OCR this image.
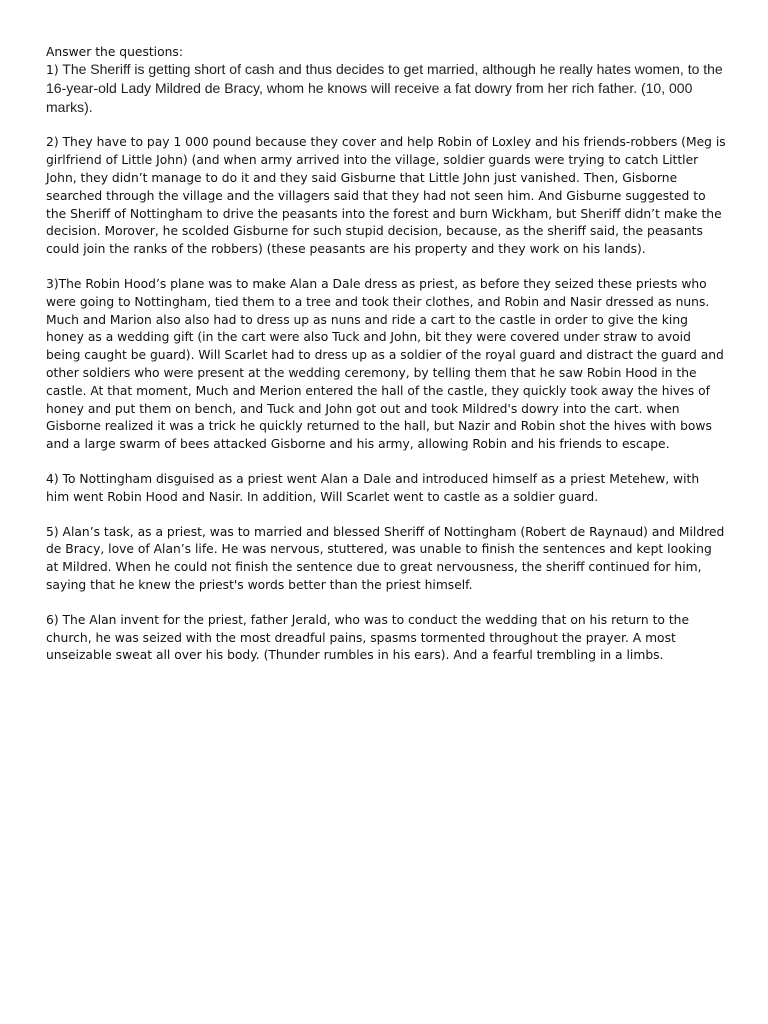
Answer the questions:

1) The Sheriff is getting short of cash and thus decides to get married, although he really hates women, to the 16-year-old Lady Mildred de Bracy, whom he knows will receive a fat dowry from her rich father. (10, 000 marks).

2) They have to pay 1 000 pound because they cover and help Robin of Loxley and his friends-robbers (Meg is girlfriend of Little John) (and when army arrived into the village, soldier guards were trying to catch Littler John, they didn’t manage to do it and they said Gisburne that Little John just vanished. Then, Gisborne searched through the village and the villagers said that they had not seen him. And Gisburne suggested to the Sheriff of Nottingham to drive the peasants into the forest and burn Wickham, but Sheriff didn’t make the decision. Morover, he scolded Gisburne for such stupid decision, because, as the sheriff said, the peasants could join the ranks of the robbers) (these peasants are his property and they work on his lands).

3)The Robin Hood’s plane was to make Alan a Dale dress as priest, as before they seized these priests who were going to Nottingham, tied them to a tree and took their clothes, and Robin and Nasir dressed as nuns. Much and Marion also also had to dress up as nuns and ride a cart to the castle in order to give the king honey as a wedding gift (in the cart were also Tuck and John, bit they were covered under straw to avoid being caught be guard). Will Scarlet had to dress up as a soldier of the royal guard and distract the guard and other soldiers who were present at the wedding ceremony, by telling them that he saw Robin Hood in the castle. At that moment, Much and Merion entered the hall of the castle, they quickly took away the hives of honey and put them on bench, and Tuck and John got out and took Mildred's dowry into the cart. when Gisborne realized it was a trick he quickly returned to the hall, but Nazir and Robin shot the hives with bows and a large swarm of bees attacked Gisborne and his army, allowing Robin and his friends to escape.

4) To Nottingham disguised as a priest went Alan a Dale and introduced himself as a priest Metehew, with him went Robin Hood and Nasir. In addition, Will Scarlet went to castle as a soldier guard.

5) Alan’s task, as a priest, was to married and blessed Sheriff of Nottingham (Robert de Raynaud) and Mildred de Bracy, love of Alan’s life. He was nervous, stuttered, was unable to finish the sentences and kept looking at Mildred. When he could not finish the sentence due to great nervousness, the sheriff continued for him, saying that he knew the priest's words better than the priest himself.

6) The Alan invent for the priest, father Jerald, who was to conduct the wedding that on his return to the church, he was seized with the most dreadful pains, spasms tormented throughout the prayer. A most unseizable sweat all over his body. (Thunder rumbles in his ears). And a fearful trembling in a limbs.
